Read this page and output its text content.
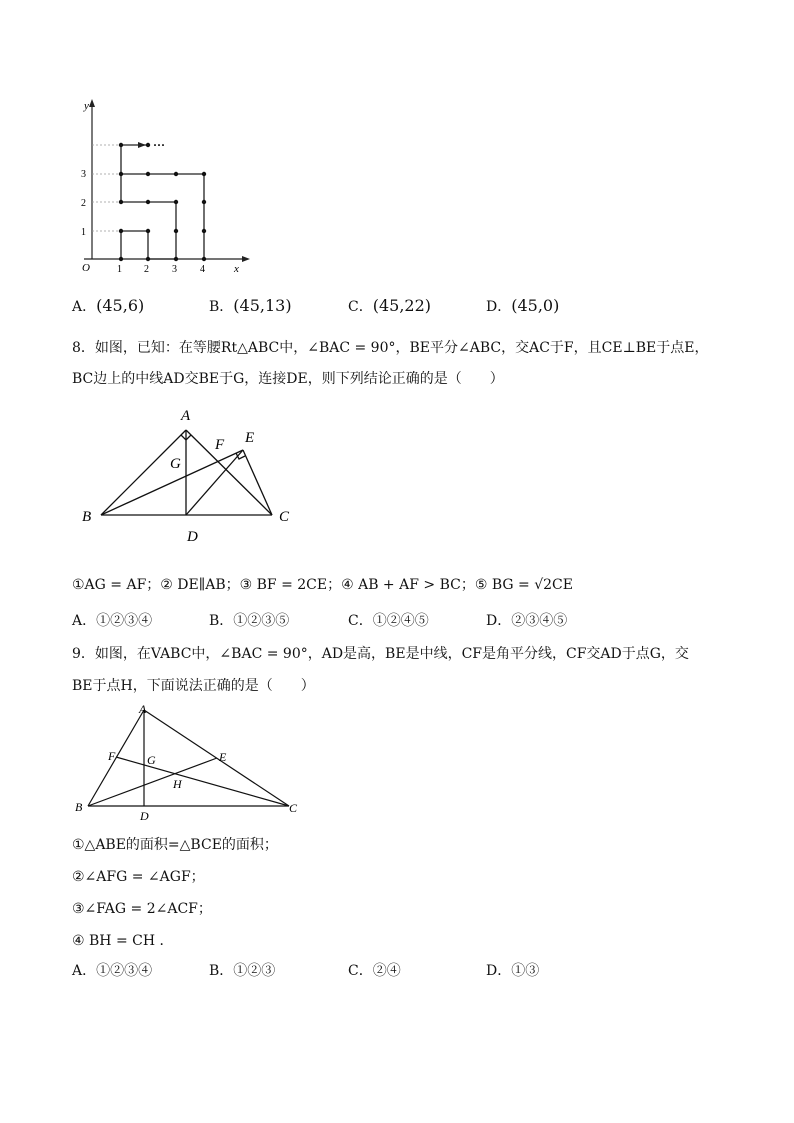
y
x
O	1 2 3 4
1
2
3
···
A．(45,6)	B．(45,13)	C．(45,22)	D．(45,0)
8．如图，已知：在等腰Rt△ABC中，∠BAC = 90°，BE平分∠ABC，交AC于F，且CE⊥BE于点E，
BC边上的中线AD交BE于G，连接DE，则下列结论正确的是（　　）
A
B	C
D
E
F
G
①AG = AF；② DE∥AB；③ BF = 2CE；④ AB + AF > BC；⑤ BG = √2CE
A．①②③④	B．①②③⑤	C．①②④⑤	D．②③④⑤
9．如图，在VABC中，∠BAC = 90°，AD是高，BE是中线，CF是角平分线，CF交AD于点G，交
BE于点H，下面说法正确的是（　　）
A
B	C
D
E
F	G
H
①△ABE的面积=△BCE的面积；
②∠AFG = ∠AGF；
③∠FAG = 2∠ACF；
④ BH = CH ．
A．①②③④	B．①②③	C．②④	D．①③
